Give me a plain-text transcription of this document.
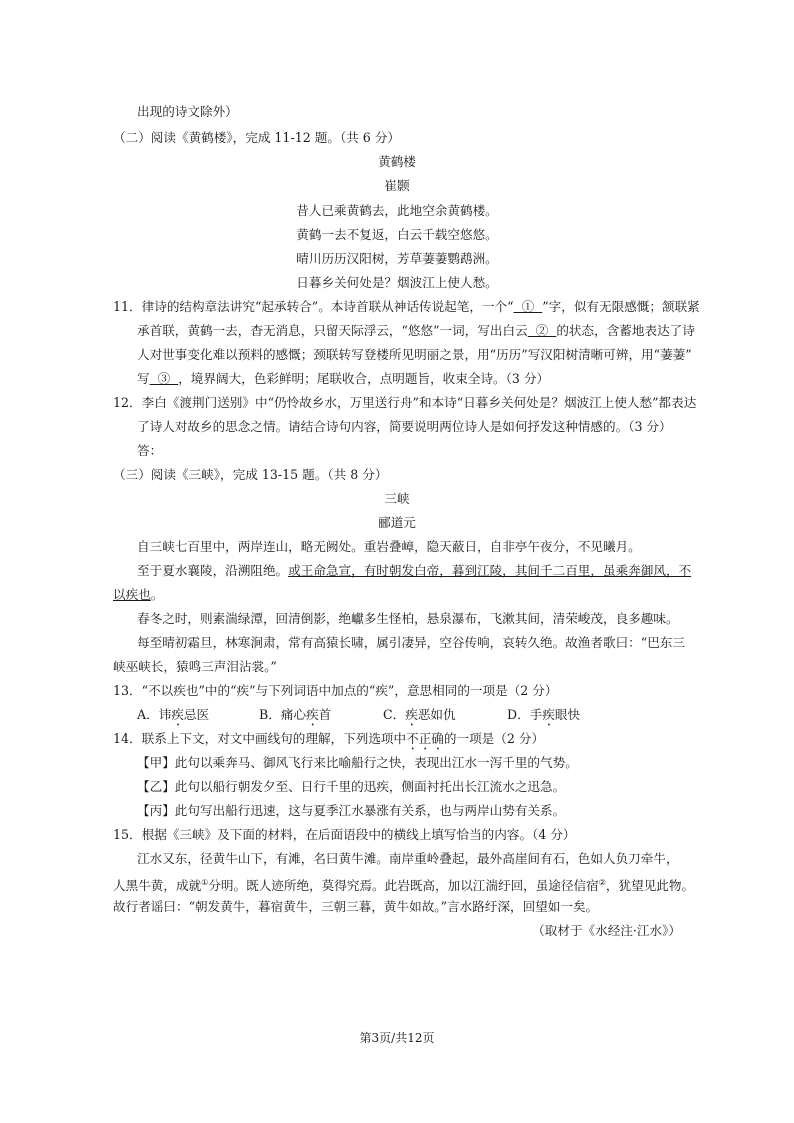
出现的诗文除外）
（二）阅读《黄鹤楼》，完成 11-12 题。（共 6 分）
黄鹤楼
崔颢
昔人已乘黄鹤去，此地空余黄鹤楼。
黄鹤一去不复返，白云千载空悠悠。
晴川历历汉阳树，芳草萋萋鹦鹉洲。
日暮乡关何处是？烟波江上使人愁。
11．律诗的结构章法讲究“起承转合”。本诗首联从神话传说起笔，一个“  ①  ”字，似有无限感慨；颔联紧
承首联，黄鹤一去，杳无消息，只留天际浮云，“悠悠”一词，写出白云  ②  的状态，含蓄地表达了诗
人对世事变化难以预料的感慨；颈联转写登楼所见明丽之景，用“历历”写汉阳树清晰可辨，用“萋萋”
写  ③  ，境界阔大，色彩鲜明；尾联收合，点明题旨，收束全诗。（3 分）
12．李白《渡荆门送别》中“仍怜故乡水，万里送行舟”和本诗“日暮乡关何处是？烟波江上使人愁”都表达
了诗人对故乡的思念之情。请结合诗句内容，简要说明两位诗人是如何抒发这种情感的。（3 分）
答：
（三）阅读《三峡》，完成 13-15 题。（共 8 分）
三峡
郦道元
自三峡七百里中，两岸连山，略无阙处。重岩叠嶂，隐天蔽日，自非亭午夜分，不见曦月。
至于夏水襄陵，沿溯阻绝。或王命急宣，有时朝发白帝，暮到江陵，其间千二百里，虽乘奔御风，不
以疾也。
春冬之时，则素湍绿潭，回清倒影，绝巘多生怪柏，悬泉瀑布，飞漱其间，清荣峻茂，良多趣味。
每至晴初霜旦，林寒涧肃，常有高猿长啸，属引凄异，空谷传响，哀转久绝。故渔者歌曰：“巴东三
峡巫峡长，猿鸣三声泪沾裳。”
13．“不以疾也”中的“疾”与下列词语中加点的“疾”，意思相同的一项是（2 分）
A．讳疾忌医	B．痛心疾首	C．疾恶如仇	D．手疾眼快
14．联系上下文，对文中画线句的理解，下列选项中不正确的一项是（2 分）
【甲】此句以乘奔马、御风飞行来比喻船行之快，表现出江水一泻千里的气势。
【乙】此句以船行朝发夕至、日行千里的迅疾，侧面衬托出长江流水之迅急。
【丙】此句写出船行迅速，这与夏季江水暴涨有关系，也与两岸山势有关系。
15．根据《三峡》及下面的材料，在后面语段中的横线上填写恰当的内容。（4 分）
江水又东，径黄牛山下，有滩，名曰黄牛滩。南岸重岭叠起，最外高崖间有石，色如人负刀牵牛，
人黑牛黄，成就①分明。既人迹所绝，莫得究焉。此岩既高，加以江湍纡回，虽途径信宿②，犹望见此物。
故行者谣曰：“朝发黄牛，暮宿黄牛，三朝三暮，黄牛如故。”言水路纡深，回望如一矣。
（取材于《水经注·江水》）
第3页/共12页
